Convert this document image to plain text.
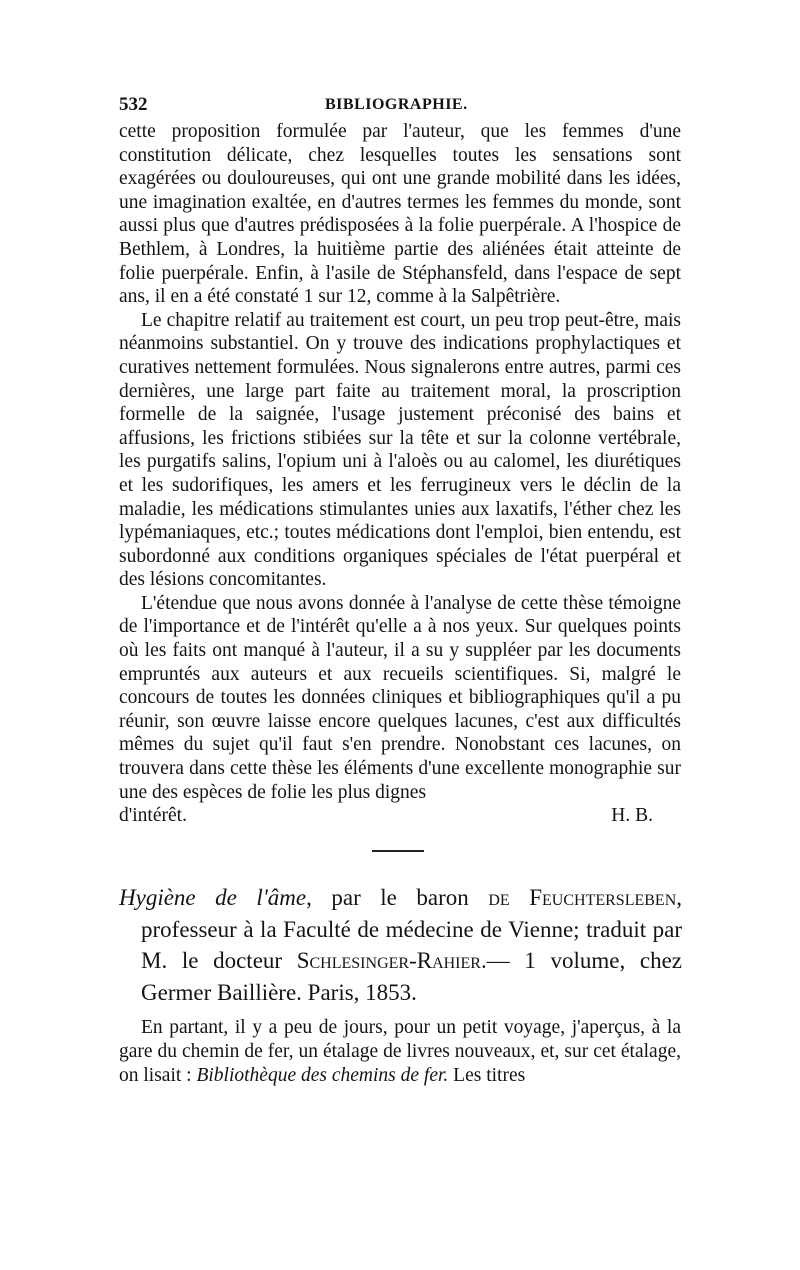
532	BIBLIOGRAPHIE.

cette proposition formulée par l'auteur, que les femmes d'une constitution délicate, chez lesquelles toutes les sensations sont exagérées ou douloureuses, qui ont une grande mobilité dans les idées, une imagination exaltée, en d'autres termes les femmes du monde, sont aussi plus que d'autres prédisposées à la folie puerpérale. A l'hospice de Bethlem, à Londres, la huitième partie des aliénées était atteinte de folie puerpérale. Enfin, à l'asile de Stéphansfeld, dans l'espace de sept ans, il en a été constaté 1 sur 12, comme à la Salpêtrière.

Le chapitre relatif au traitement est court, un peu trop peut-être, mais néanmoins substantiel. On y trouve des indications prophylactiques et curatives nettement formulées. Nous signalerons entre autres, parmi ces dernières, une large part faite au traitement moral, la proscription formelle de la saignée, l'usage justement préconisé des bains et affusions, les frictions stibiées sur la tête et sur la colonne vertébrale, les purgatifs salins, l'opium uni à l'aloès ou au calomel, les diurétiques et les sudorifiques, les amers et les ferrugineux vers le déclin de la maladie, les médications stimulantes unies aux laxatifs, l'éther chez les lypémaniaques, etc.; toutes médications dont l'emploi, bien entendu, est subordonné aux conditions organiques spéciales de l'état puerpéral et des lésions concomitantes.

L'étendue que nous avons donnée à l'analyse de cette thèse témoigne de l'importance et de l'intérêt qu'elle a à nos yeux. Sur quelques points où les faits ont manqué à l'auteur, il a su y suppléer par les documents empruntés aux auteurs et aux recueils scientifiques. Si, malgré le concours de toutes les données cliniques et bibliographiques qu'il a pu réunir, son œuvre laisse encore quelques lacunes, c'est aux difficultés mêmes du sujet qu'il faut s'en prendre. Nonobstant ces lacunes, on trouvera dans cette thèse les éléments d'une excellente monographie sur une des espèces de folie les plus dignes

d'intérêt.	H. B.

Hygiène de l'âme, par le baron de Feuchtersleben, professeur à la Faculté de médecine de Vienne; traduit par M. le docteur Schlesinger-Rahier.— 1 volume, chez Germer Baillière. Paris, 1853.

En partant, il y a peu de jours, pour un petit voyage, j'aperçus, à la gare du chemin de fer, un étalage de livres nouveaux, et, sur cet étalage, on lisait : Bibliothèque des chemins de fer. Les titres
